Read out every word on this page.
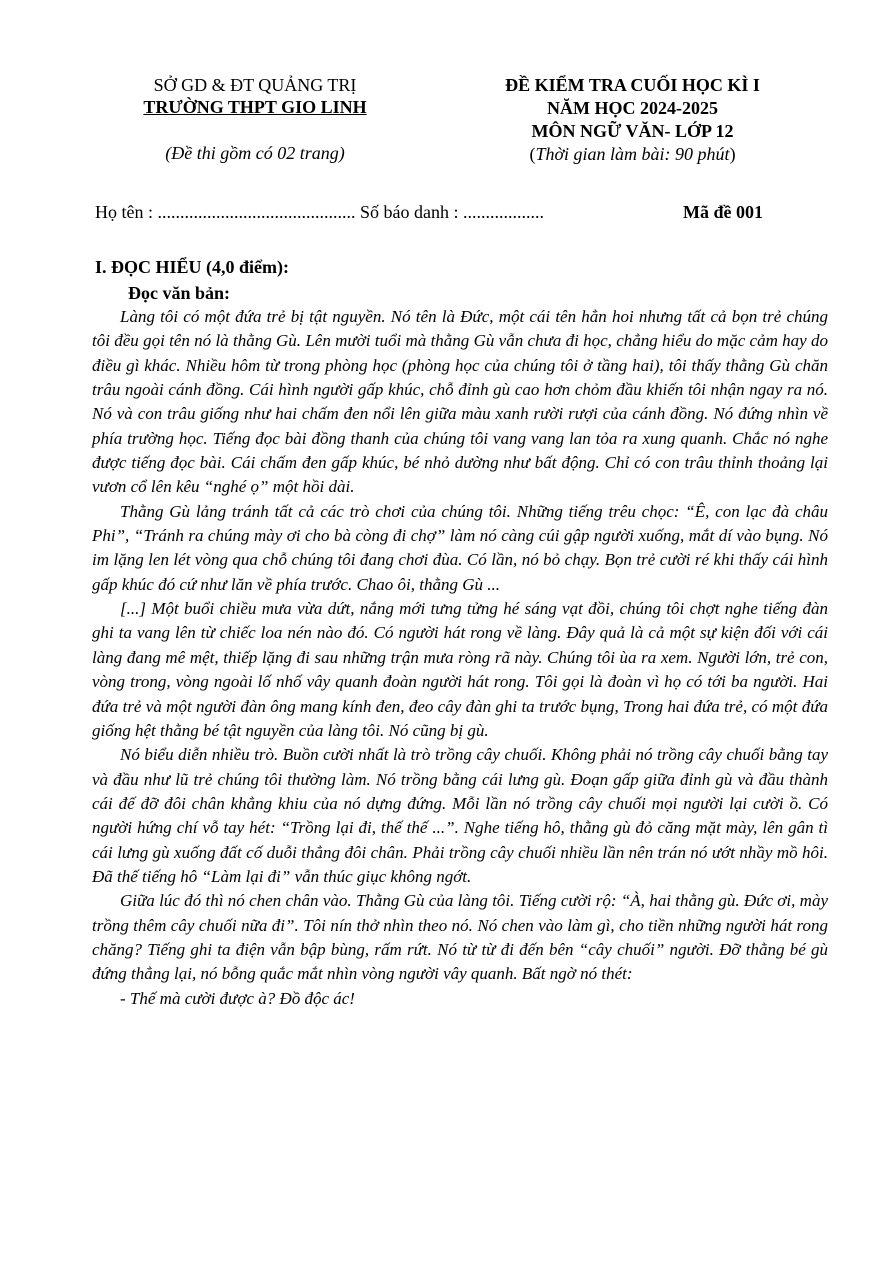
SỞ GD & ĐT QUẢNG TRỊ
TRƯỜNG THPT GIO LINH
(Đề thi gồm có 02 trang)
ĐỀ KIỂM TRA CUỐI HỌC KÌ I
NĂM HỌC 2024-2025
MÔN NGỮ VĂN- LỚP 12
(Thời gian làm bài: 90 phút)
Họ tên : ............................................ Số báo danh : ..................	Mã đề 001
I. ĐỌC HIỂU (4,0 điểm):
Đọc văn bản:

Làng tôi có một đứa trẻ bị tật nguyền. Nó tên là Đức, một cái tên hẳn hoi nhưng tất cả bọn trẻ chúng tôi đều gọi tên nó là thằng Gù. Lên mười tuổi mà thằng Gù vẫn chưa đi học, chẳng hiểu do mặc cảm hay do điều gì khác. Nhiều hôm từ trong phòng học (phòng học của chúng tôi ở tầng hai), tôi thấy thằng Gù chăn trâu ngoài cánh đồng. Cái hình người gấp khúc, chỗ đỉnh gù cao hơn chỏm đầu khiến tôi nhận ngay ra nó. Nó và con trâu giống như hai chấm đen nổi lên giữa màu xanh rười rượi của cánh đồng. Nó đứng nhìn về phía trường học. Tiếng đọc bài đồng thanh của chúng tôi vang vang lan tỏa ra xung quanh. Chắc nó nghe được tiếng đọc bài. Cái chấm đen gấp khúc, bé nhỏ dường như bất động. Chỉ có con trâu thỉnh thoảng lại vươn cổ lên kêu “nghé ọ” một hồi dài.

Thằng Gù lảng tránh tất cả các trò chơi của chúng tôi. Những tiếng trêu chọc: “Ê, con lạc đà châu Phi”, “Tránh ra chúng mày ơi cho bà còng đi chợ” làm nó càng cúi gập người xuống, mắt dí vào bụng. Nó im lặng len lét vòng qua chỗ chúng tôi đang chơi đùa. Có lần, nó bỏ chạy. Bọn trẻ cười ré khi thấy cái hình gấp khúc đó cứ như lăn về phía trước. Chao ôi, thằng Gù ...

[...] Một buổi chiều mưa vừa dứt, nắng mới tưng tửng hé sáng vạt đồi, chúng tôi chợt nghe tiếng đàn ghi ta vang lên từ chiếc loa nén nào đó. Có người hát rong về làng. Đây quả là cả một sự kiện đối với cái làng đang mê mệt, thiếp lặng đi sau những trận mưa ròng rã này. Chúng tôi ùa ra xem. Người lớn, trẻ con, vòng trong, vòng ngoài lố nhố vây quanh đoàn người hát rong. Tôi gọi là đoàn vì họ có tới ba người. Hai đứa trẻ và một người đàn ông mang kính đen, đeo cây đàn ghi ta trước bụng, Trong hai đứa trẻ, có một đứa giống hệt thằng bé tật nguyền của làng tôi. Nó cũng bị gù.

Nó biểu diễn nhiều trò. Buồn cười nhất là trò trồng cây chuối. Không phải nó trồng cây chuối bằng tay và đầu như lũ trẻ chúng tôi thường làm. Nó trồng bằng cái lưng gù. Đoạn gấp giữa đỉnh gù và đầu thành cái đế đỡ đôi chân khẳng khiu của nó dựng đứng. Mỗi lần nó trồng cây chuối mọi người lại cười ồ. Có người hứng chí vỗ tay hét: “Trồng lại đi, thế thế ...”. Nghe tiếng hô, thằng gù đỏ căng mặt mày, lên gân tì cái lưng gù xuống đất cố duỗi thẳng đôi chân. Phải trồng cây chuối nhiều lần nên trán nó ướt nhầy mồ hôi. Đã thế tiếng hô “Làm lại đi” vẫn thúc giục không ngớt.

Giữa lúc đó thì nó chen chân vào. Thằng Gù của làng tôi. Tiếng cười rộ: “À, hai thằng gù. Đức ơi, mày trồng thêm cây chuối nữa đi”. Tôi nín thở nhìn theo nó. Nó chen vào làm gì, cho tiền những người hát rong chăng? Tiếng ghi ta điện vẫn bập bùng, rấm rứt. Nó từ từ đi đến bên “cây chuối” người. Đỡ thằng bé gù đứng thẳng lại, nó bỗng quắc mắt nhìn vòng người vây quanh. Bất ngờ nó thét:

- Thế mà cười được à? Đồ độc ác!
